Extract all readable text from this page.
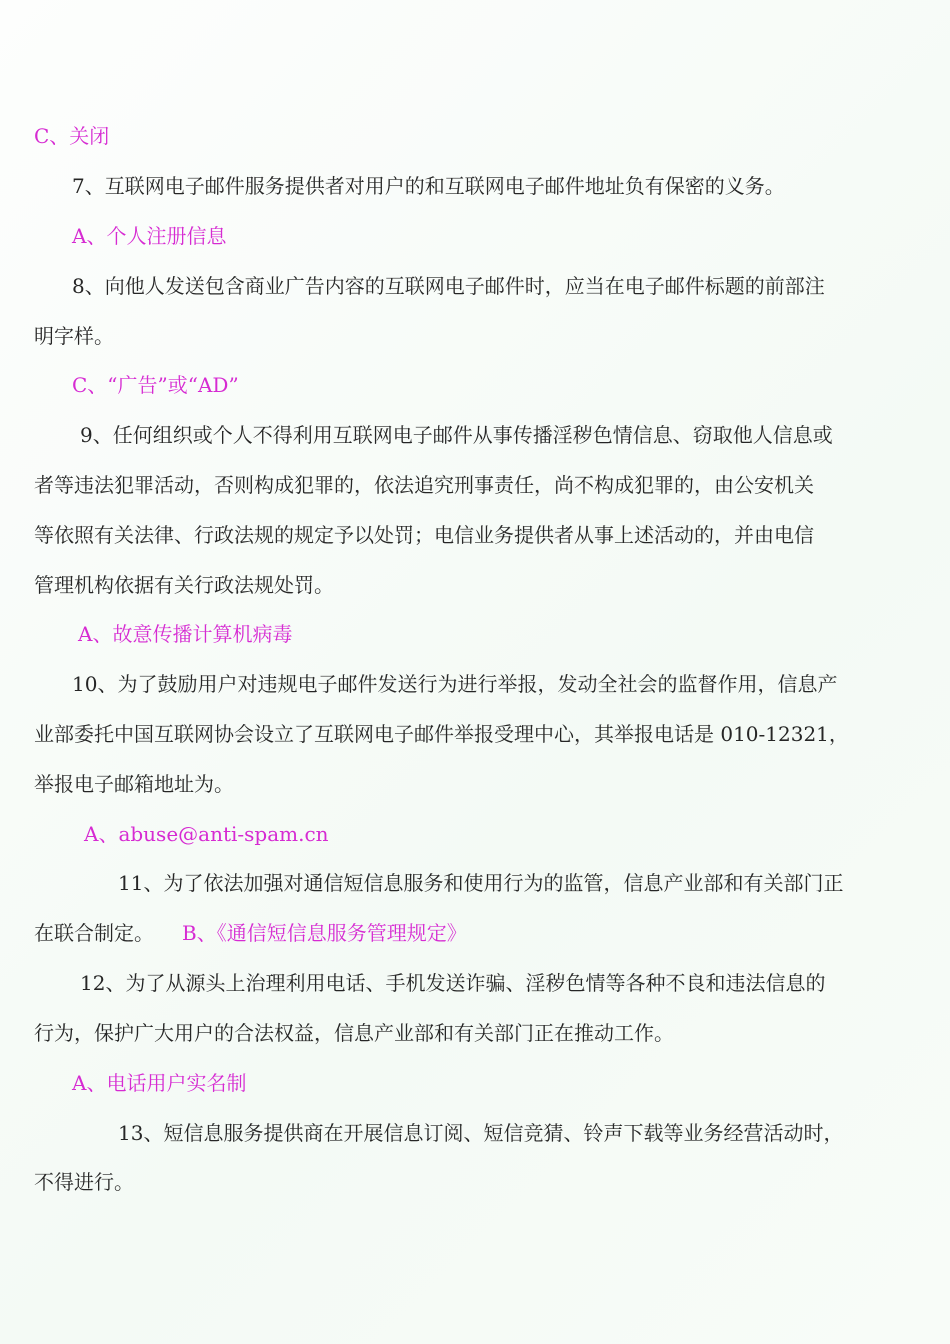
C、关闭
7、互联网电子邮件服务提供者对用户的和互联网电子邮件地址负有保密的义务。
A、个人注册信息
8、向他人发送包含商业广告内容的互联网电子邮件时，应当在电子邮件标题的前部注
明字样。
C、“广告”或“AD”
9、任何组织或个人不得利用互联网电子邮件从事传播淫秽色情信息、窃取他人信息或
者等违法犯罪活动，否则构成犯罪的，依法追究刑事责任，尚不构成犯罪的，由公安机关
等依照有关法律、行政法规的规定予以处罚；电信业务提供者从事上述活动的，并由电信
管理机构依据有关行政法规处罚。
A、故意传播计算机病毒
10、为了鼓励用户对违规电子邮件发送行为进行举报，发动全社会的监督作用，信息产
业部委托中国互联网协会设立了互联网电子邮件举报受理中心，其举报电话是 010-12321，
举报电子邮箱地址为。
A、abuse@anti-spam.cn
11、为了依法加强对通信短信息服务和使用行为的监管，信息产业部和有关部门正
在联合制定。 B、《通信短信息服务管理规定》
12、为了从源头上治理利用电话、手机发送诈骗、淫秽色情等各种不良和违法信息的
行为，保护广大用户的合法权益，信息产业部和有关部门正在推动工作。
A、电话用户实名制
13、短信息服务提供商在开展信息订阅、短信竞猜、铃声下载等业务经营活动时，
不得进行。
